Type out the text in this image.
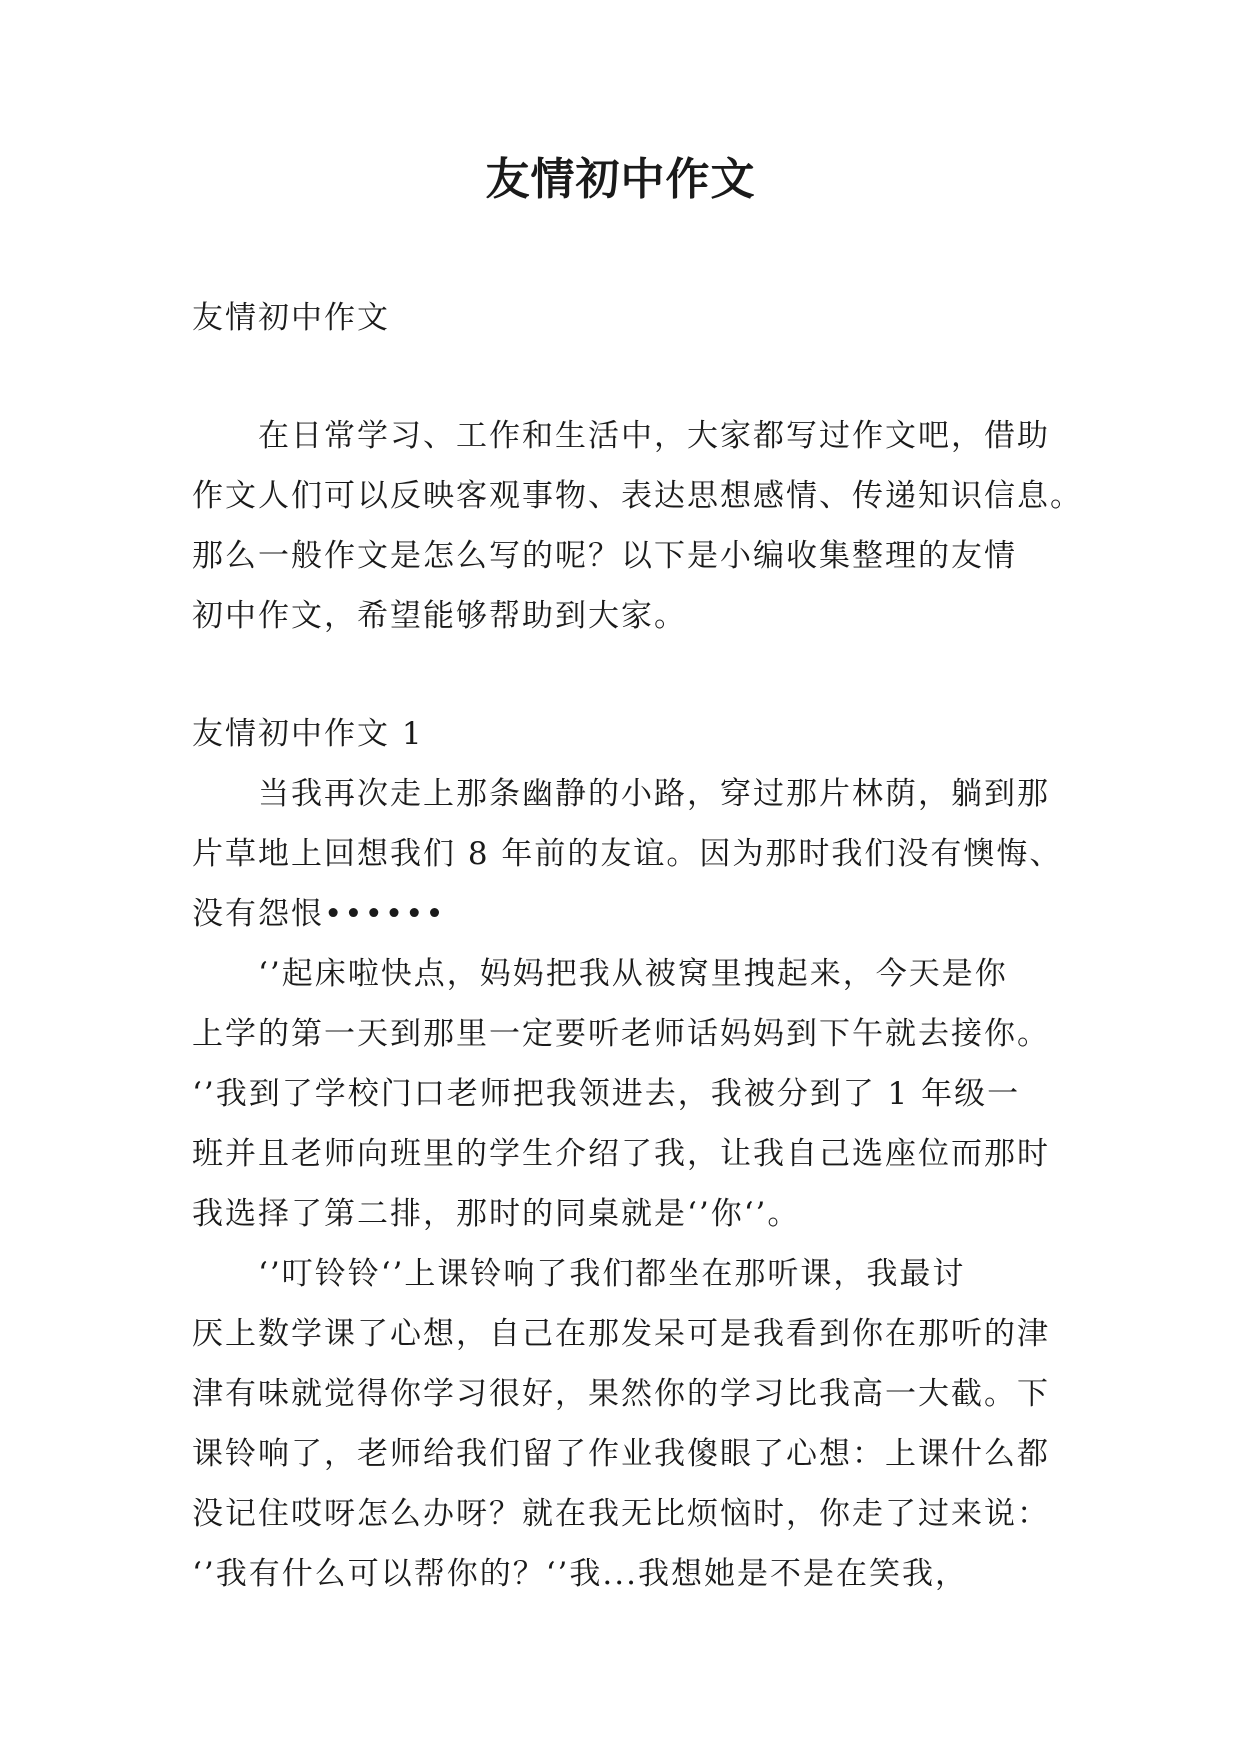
友情初中作文
友情初中作文
　　在日常学习、工作和生活中，大家都写过作文吧，借助
作文人们可以反映客观事物、表达思想感情、传递知识信息。
那么一般作文是怎么写的呢？以下是小编收集整理的友情
初中作文，希望能够帮助到大家。
友情初中作文 1
　　当我再次走上那条幽静的小路，穿过那片林荫，躺到那
片草地上回想我们 8 年前的友谊。因为那时我们没有懊悔、
没有怨恨••••••
　　‘’起床啦快点，妈妈把我从被窝里拽起来，今天是你
上学的第一天到那里一定要听老师话妈妈到下午就去接你。
‘’我到了学校门口老师把我领进去，我被分到了 1 年级一
班并且老师向班里的学生介绍了我，让我自己选座位而那时
我选择了第二排，那时的同桌就是‘’你‘’。
　　‘’叮铃铃‘’上课铃响了我们都坐在那听课，我最讨
厌上数学课了心想，自己在那发呆可是我看到你在那听的津
津有味就觉得你学习很好，果然你的学习比我高一大截。下
课铃响了，老师给我们留了作业我傻眼了心想：上课什么都
没记住哎呀怎么办呀？就在我无比烦恼时，你走了过来说：
‘’我有什么可以帮你的？‘’我...我想她是不是在笑我，
